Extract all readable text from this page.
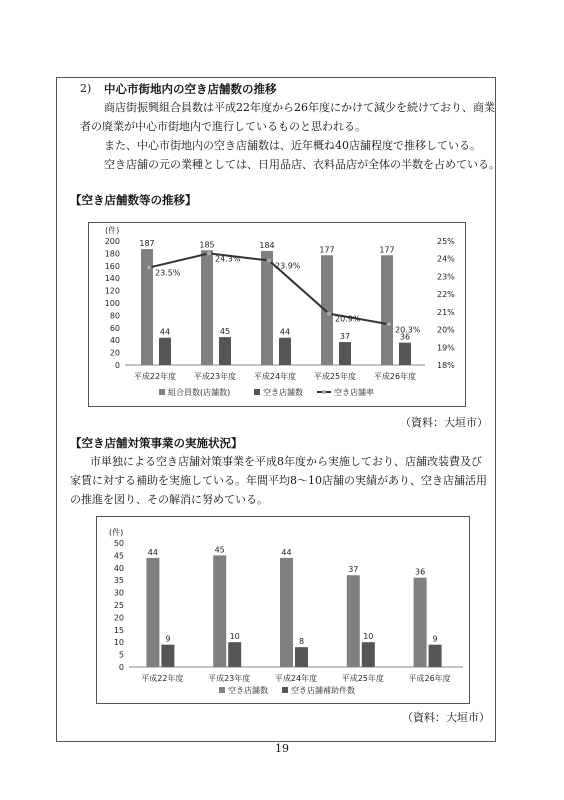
2) 中心市街地内の空き店舗数の推移
商店街振興組合員数は平成22年度から26年度にかけて減少を続けており、商業
者の廃業が中心市街地内で進行しているものと思われる。
また、中心市街地内の空き店舗数は、近年概ね40店舗程度で推移している。
空き店舗の元の業種としては、日用品店、衣料品店が全体の半数を占めている。
【空き店舗数等の推移】
(件)
0
20
40
60
80
100
120
140
160
180
200
平成22年度
187
44
平成23年度
185
45
平成24年度
184
44
平成25年度
177
37
平成26年度
177
36
18%
19%
20%
21%
22%
23%
24%
25%
23.5%
24.3%
23.9%
20.9%
20.3%
組合員数(店舗数)	空き店舗数	空き店舗率
（資料：大垣市）
【空き店舗対策事業の実施状況】
市単独による空き店舗対策事業を平成8年度から実施しており、店舗改装費及び
家賃に対する補助を実施している。年間平均8～10店舗の実績があり、空き店舗活用
の推進を図り、その解消に努めている。
(件)
0
5
10
15
20
25
30
35
40
45
50
平成22年度
44
9
平成23年度
45
10
平成24年度
44
8
平成25年度
37
10
平成26年度
36
9
空き店舗数	空き店舗補助件数
（資料：大垣市）
19
